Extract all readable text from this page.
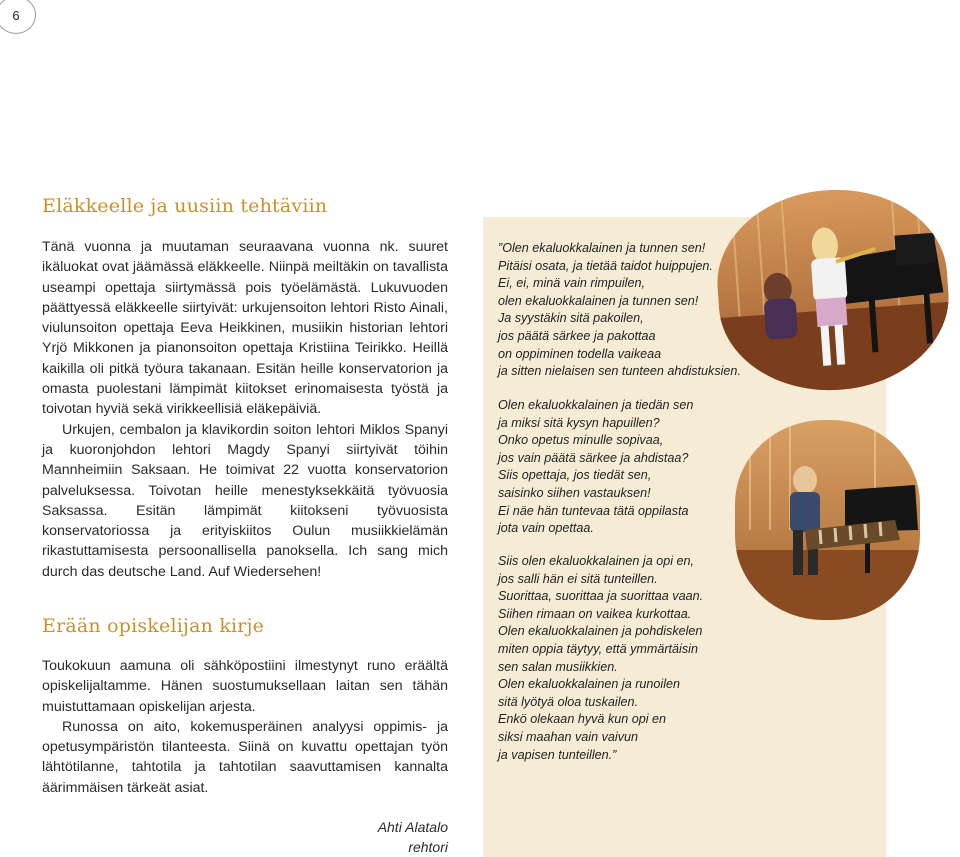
6
Eläkkeelle ja uusiin tehtäviin

Tänä vuonna ja muutaman seuraavana vuonna nk. suuret ikäluokat ovat jäämässä eläkkeelle. Niinpä meiltäkin on tavallista useampi opettaja siirtymässä pois työelämästä. Lukuvuoden päättyessä eläkkeelle siirtyivät: urkujensoiton lehtori Risto Ainali, viulunsoiton opettaja Eeva Heikkinen, musiikin historian lehtori Yrjö Mikkonen ja pianonsoiton opettaja Kristiina Teirikko. Heillä kaikilla oli pitkä työura takanaan. Esitän heille konservatorion ja omasta puolestani lämpimät kiitokset erinomaisesta työstä ja toivotan hyviä sekä virikkeellisiä eläkepäiviä.

Urkujen, cembalon ja klavikordin soiton lehtori Miklos Spanyi ja kuoronjohdon lehtori Magdy Spanyi siirtyivät töihin Mannheimiin Saksaan. He toimivat 22 vuotta konservatorion palveluksessa. Toivotan heille menestyksekkäitä työvuosia Saksassa. Esitän lämpimät kiitokseni työvuosista konservatoriossa ja erityiskiitos Oulun musiikkielämän rikastuttamisesta persoonallisella panoksella. Ich sang mich durch das deutsche Land. Auf Wiedersehen!

Erään opiskelijan kirje

Toukokuun aamuna oli sähköpostiini ilmestynyt runo eräältä opiskelijaltamme. Hänen suostumuksellaan laitan sen tähän muistuttamaan opiskelijan arjesta.

Runossa on aito, kokemusperäinen analyysi oppimis- ja opetusympäristön tilanteesta. Siinä on kuvattu opettajan työn lähtötilanne, tahtotila ja tahtotilan saavuttamisen kannalta äärimmäisen tärkeät asiat.

Ahti Alatalo
rehtori
”Olen ekaluokkalainen ja tunnen sen!
Pitäisi osata, ja tietää taidot huippujen.
Ei, ei, minä vain rimpuilen,
olen ekaluokkalainen ja tunnen sen!
Ja syystäkin sitä pakoilen,
jos päätä särkee ja pakottaa
on oppiminen todella vaikeaa
ja sitten nielaisen sen tunteen ahdistuksien.
Olen ekaluokkalainen ja tiedän sen
ja miksi sitä kysyn hapuillen?
Onko opetus minulle sopivaa,
jos vain päätä särkee ja ahdistaa?
Siis opettaja, jos tiedät sen,
saisinko siihen vastauksen!
Ei näe hän tuntevaa tätä oppilasta
jota vain opettaa.
Siis olen ekaluokkalainen ja opi en,
jos salli hän ei sitä tunteillen.
Suorittaa, suorittaa ja suorittaa vaan.
Siihen rimaan on vaikea kurkottaa.
Olen ekaluokkalainen ja pohdiskelen
miten oppia täytyy, että ymmärtäisin
sen salan musiikkien.
Olen ekaluokkalainen ja runoilen
sitä lyötyä oloa tuskailen.
Enkö olekaan hyvä kun opi en
siksi maahan vain vaivun
ja vapisen tunteillen.”
